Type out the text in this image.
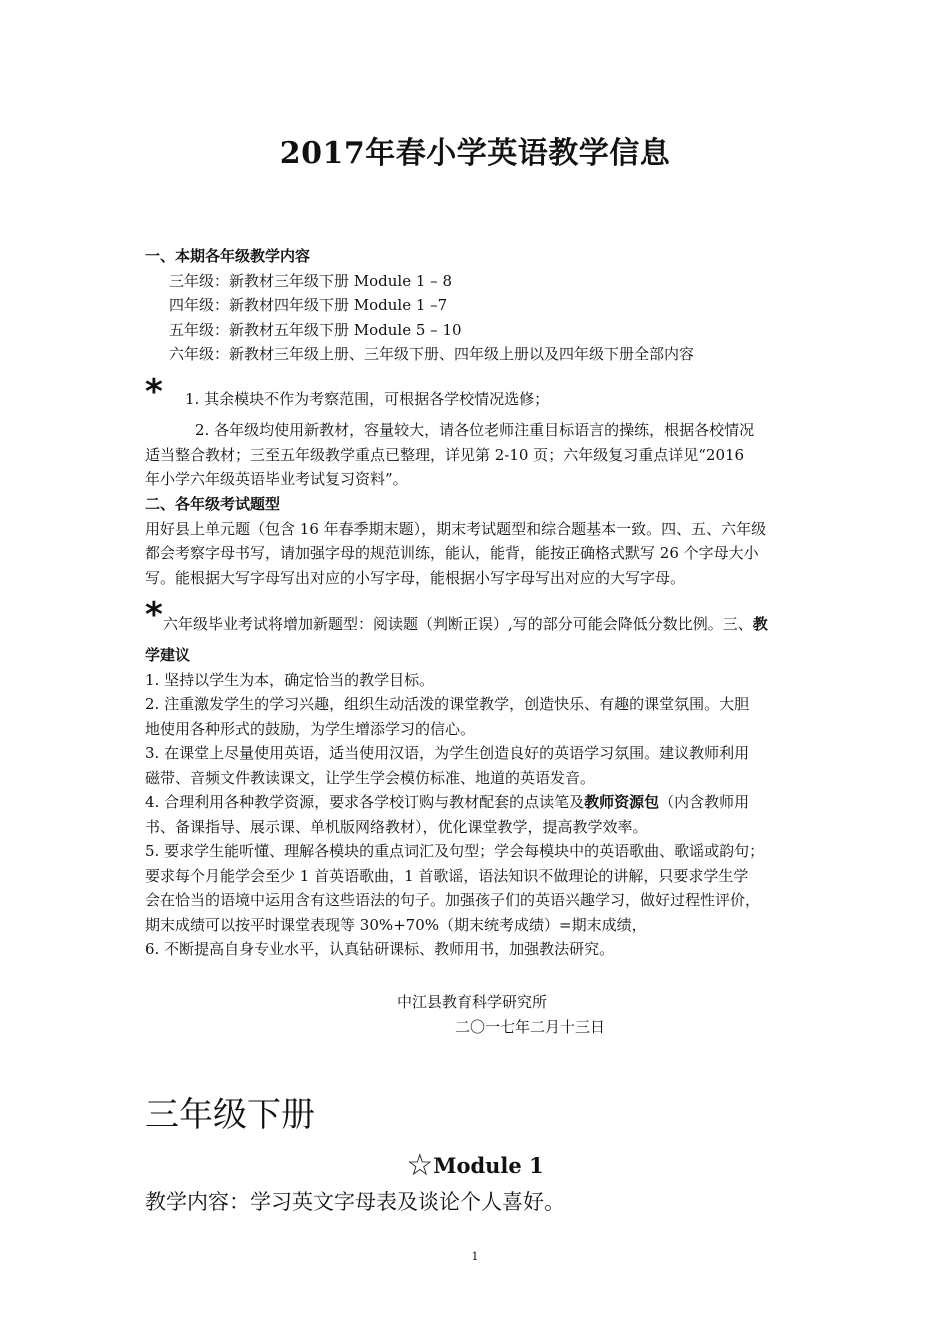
2017年春小学英语教学信息
一、本期各年级教学内容
三年级：新教材三年级下册 Module 1 – 8
四年级：新教材四年级下册 Module 1 –7
五年级：新教材五年级下册 Module 5 – 10
六年级：新教材三年级上册、三年级下册、四年级上册以及四年级下册全部内容
* 1. 其余模块不作为考察范围，可根据各学校情况选修；
2. 各年级均使用新教材，容量较大，请各位老师注重目标语言的操练，根据各校情况
适当整合教材；三至五年级教学重点已整理，详见第 2-10 页；六年级复习重点详见“2016
年小学六年级英语毕业考试复习资料”。
二、各年级考试题型
用好县上单元题（包含 16 年春季期末题），期末考试题型和综合题基本一致。四、五、六年级
都会考察字母书写，请加强字母的规范训练，能认，能背，能按正确格式默写 26 个字母大小
写。能根据大写字母写出对应的小写字母，能根据小写字母写出对应的大写字母。
* 六年级毕业考试将增加新题型：阅读题（判断正误）,写的部分可能会降低分数比例。三、教
学建议
1. 坚持以学生为本，确定恰当的教学目标。
2. 注重激发学生的学习兴趣，组织生动活泼的课堂教学，创造快乐、有趣的课堂氛围。大胆
地使用各种形式的鼓励，为学生增添学习的信心。
3. 在课堂上尽量使用英语，适当使用汉语，为学生创造良好的英语学习氛围。建议教师利用
磁带、音频文件教读课文，让学生学会模仿标准、地道的英语发音。
4. 合理利用各种教学资源，要求各学校订购与教材配套的点读笔及教师资源包（内含教师用
书、备课指导、展示课、单机版网络教材），优化课堂教学，提高教学效率。
5. 要求学生能听懂、理解各模块的重点词汇及句型；学会每模块中的英语歌曲、歌谣或韵句；
要求每个月能学会至少 1 首英语歌曲，1 首歌谣，语法知识不做理论的讲解，只要求学生学
会在恰当的语境中运用含有这些语法的句子。加强孩子们的英语兴趣学习，做好过程性评价，
期末成绩可以按平时课堂表现等 30%+70%（期末统考成绩）=期末成绩，
6. 不断提高自身专业水平，认真钻研课标、教师用书，加强教法研究。
中江县教育科学研究所
二〇一七年二月十三日
三年级下册
☆Module 1
教学内容：学习英文字母表及谈论个人喜好。
1
